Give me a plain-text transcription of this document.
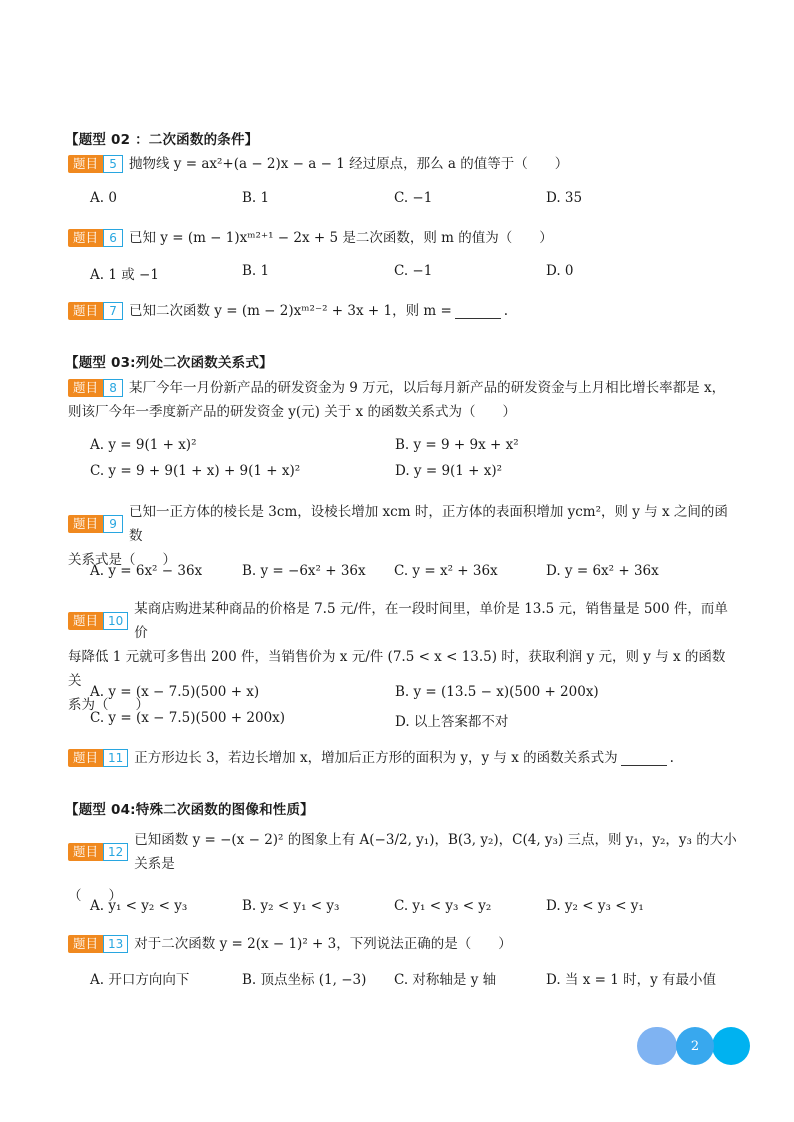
【题型 02 ：二次函数的条件】
题目 5 抛物线 y = ax²+(a − 2)x − a − 1 经过原点，那么 a 的值等于（　　）
A. 0	B. 1	C. −1	D. 35
题目 6 已知 y = (m − 1)xᵐ²⁺¹ − 2x + 5 是二次函数，则 m 的值为（　　）
A. 1 或 −1	B. 1	C. −1	D. 0
题目 7 已知二次函数 y = (m − 2)xᵐ²⁻² + 3x + 1，则 m =	.
【题型 03:列处二次函数关系式】
题目 8 某厂今年一月份新产品的研发资金为 9 万元，以后每月新产品的研发资金与上月相比增长率都是 x，
则该厂今年一季度新产品的研发资金 y(元) 关于 x 的函数关系式为（　　）
A. y = 9(1 + x)²	B. y = 9 + 9x + x²
C. y = 9 + 9(1 + x) + 9(1 + x)²	D. y = 9(1 + x)²
题目 9
已知一正方体的棱长是 3cm，设棱长增加 xcm 时，正方体的表面积增加 ycm²，则 y 与 x 之间的函数
关系式是（　　）
A. y = 6x² − 36x	B. y = −6x² + 36x	C. y = x² + 36x	D. y = 6x² + 36x
题目 10
某商店购进某种商品的价格是 7.5 元/件，在一段时间里，单价是 13.5 元，销售量是 500 件，而单价
每降低 1 元就可多售出 200 件，当销售价为 x 元/件 (7.5 < x < 13.5) 时，获取利润 y 元，则 y 与 x 的函数关
系为（　　）
A. y = (x − 7.5)(500 + x)	B. y = (13.5 − x)(500 + 200x)
C. y = (x − 7.5)(500 + 200x)	D. 以上答案都不对
题目 11 正方形边长 3，若边长增加 x，增加后正方形的面积为 y，y 与 x 的函数关系式为	.
【题型 04:特殊二次函数的图像和性质】
题目 12
已知函数 y = −(x − 2)² 的图象上有 A(−3/2, y₁)，B(3, y₂)，C(4, y₃) 三点，则 y₁，y₂，y₃ 的大小关系是
（　　）
A. y₁ < y₂ < y₃	B. y₂ < y₁ < y₃	C. y₁ < y₃ < y₂	D. y₂ < y₃ < y₁
题目 13 对于二次函数 y = 2(x − 1)² + 3，下列说法正确的是（　　）
A. 开口方向向下	B. 顶点坐标 (1, −3)	C. 对称轴是 y 轴	D. 当 x = 1 时，y 有最小值
2
